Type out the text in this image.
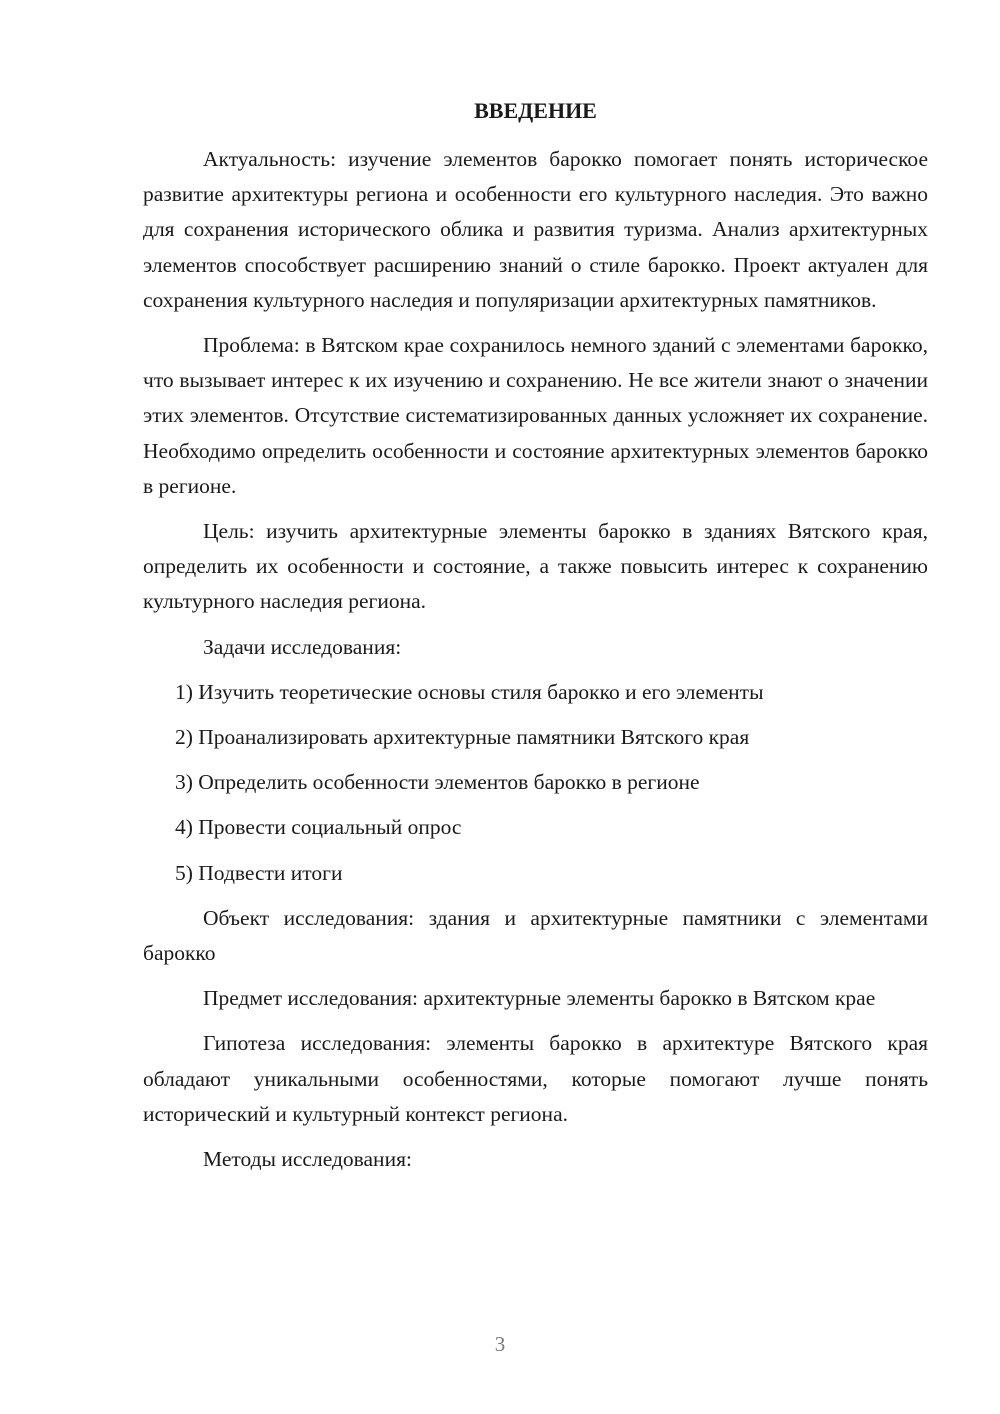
ВВЕДЕНИЕ

Актуальность: изучение элементов барокко помогает понять историческое развитие архитектуры региона и особенности его культурного наследия. Это важно для сохранения исторического облика и развития туризма. Анализ архитектурных элементов способствует расширению знаний о стиле барокко. Проект актуален для сохранения культурного наследия и популяризации архитектурных памятников.

Проблема: в Вятском крае сохранилось немного зданий с элементами барокко, что вызывает интерес к их изучению и сохранению. Не все жители знают о значении этих элементов. Отсутствие систематизированных данных усложняет их сохранение. Необходимо определить особенности и состояние архитектурных элементов барокко в регионе.

Цель: изучить архитектурные элементы барокко в зданиях Вятского края, определить их особенности и состояние, а также повысить интерес к сохранению культурного наследия региона.

Задачи исследования:

1) Изучить теоретические основы стиля барокко и его элементы

2) Проанализировать архитектурные памятники Вятского края

3) Определить особенности элементов барокко в регионе

4) Провести социальный опрос

5) Подвести итоги

Объект исследования: здания и архитектурные памятники с элементами барокко

Предмет исследования: архитектурные элементы барокко в Вятском крае

Гипотеза исследования: элементы барокко в архитектуре Вятского края обладают уникальными особенностями, которые помогают лучше понять исторический и культурный контекст региона.

Методы исследования:

3
